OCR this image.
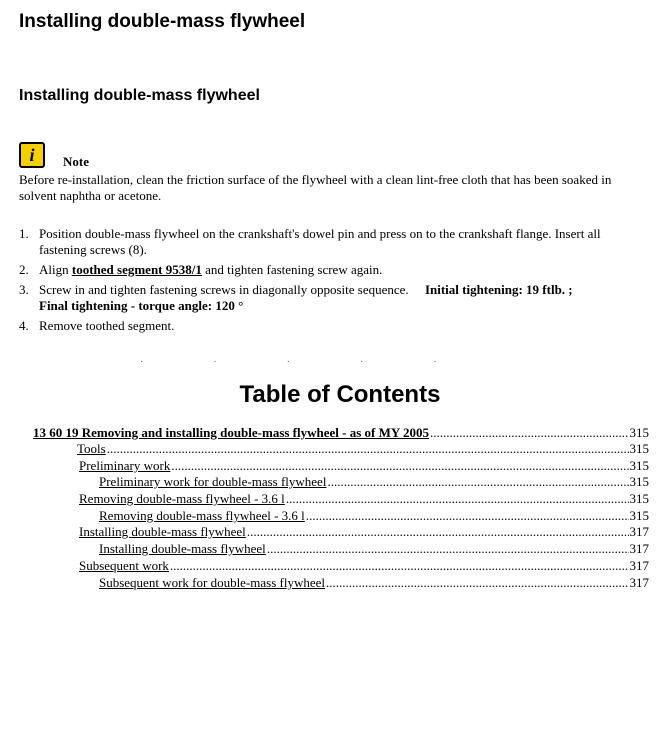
Installing double-mass flywheel
Installing double-mass flywheel
i Note
Before re-installation, clean the friction surface of the flywheel with a clean lint-free cloth that has been soaked in solvent naphtha or acetone.
1. Position double-mass flywheel on the crankshaft's dowel pin and press on to the crankshaft flange. Insert all fastening screws (8).
2. Align toothed segment 9538/1 and tighten fastening screw again.
3. Screw in and tighten fastening screws in diagonally opposite sequence. Initial tightening: 19 ftlb. ;
Final tightening - torque angle: 120 °
4. Remove toothed segment.
˙˙˙˙˙
Table of Contents
13 60 19 Removing and installing double-mass flywheel - as of MY 2005 .....	315
Tools .....	315
Preliminary work .....	315
Preliminary work for double-mass flywheel .....	315
Removing double-mass flywheel - 3.6 l .....	315
Removing double-mass flywheel - 3.6 l .....	315
Installing double-mass flywheel .....	317
Installing double-mass flywheel .....	317
Subsequent work .....	317
Subsequent work for double-mass flywheel .....	317
